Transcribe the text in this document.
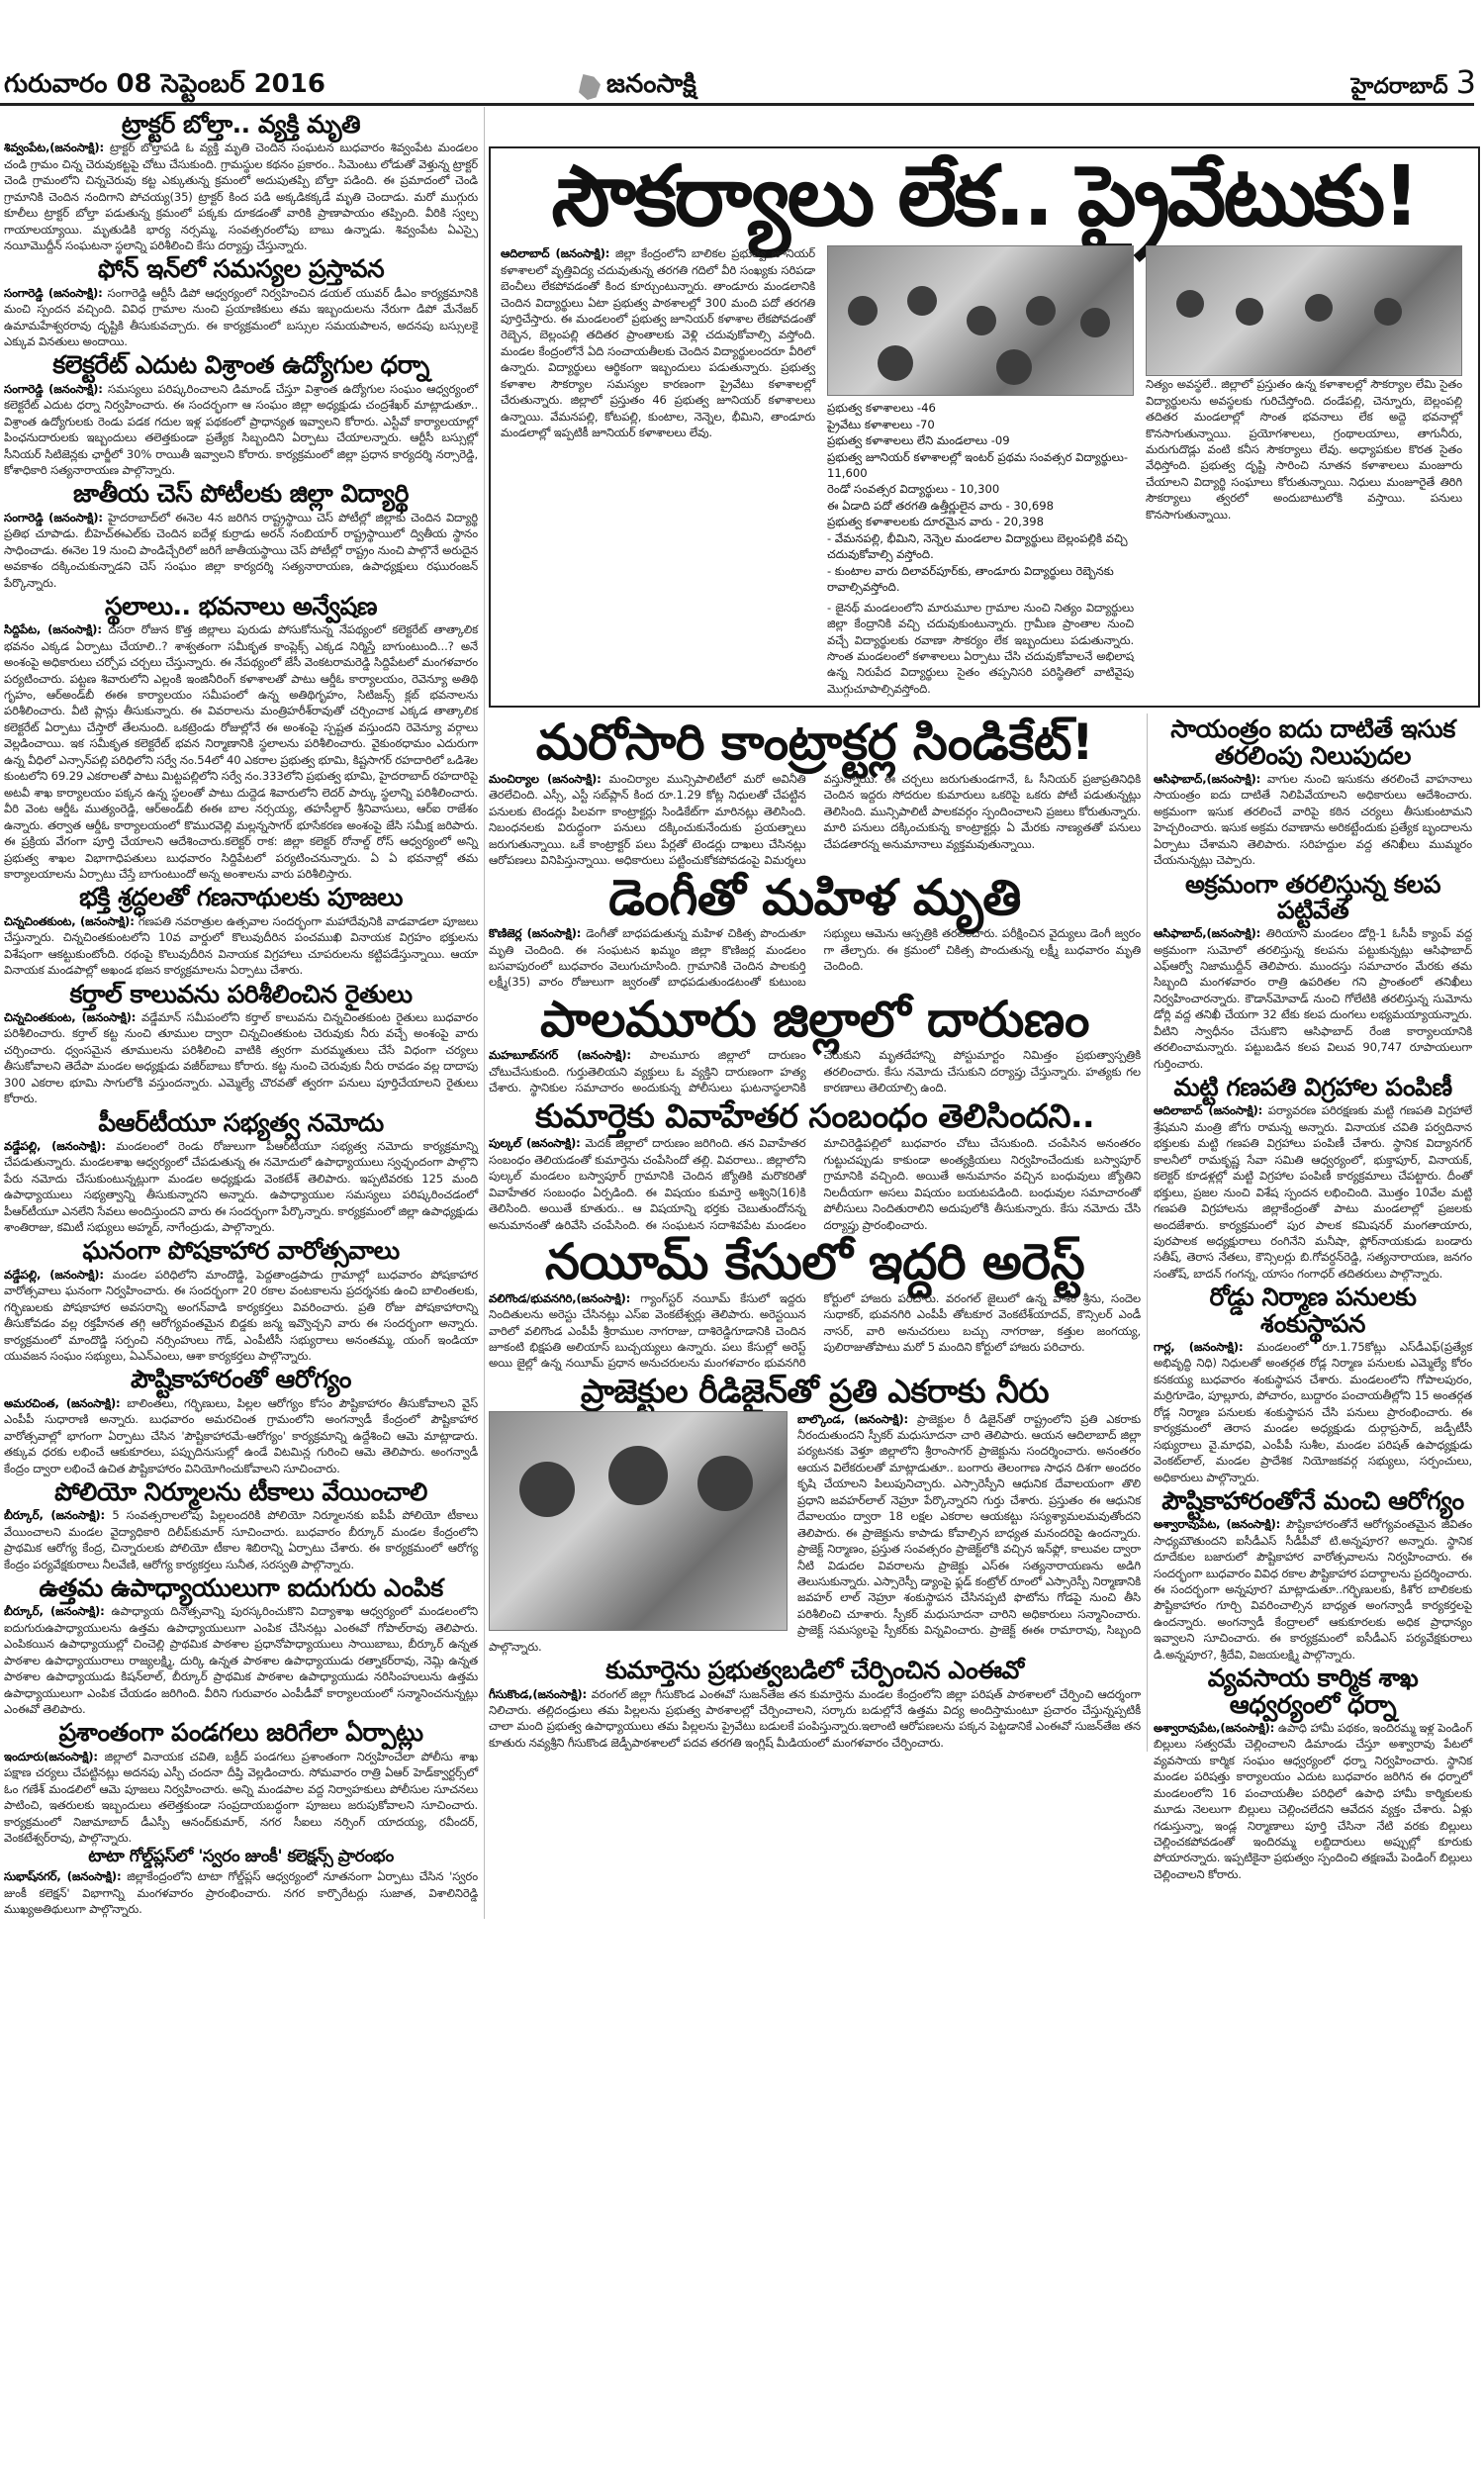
గురువారం 08 సెప్టెంబర్ 2016	జనంసాక్షి	హైదరాబాద్ 3
ట్రాక్టర్ బోల్తా.. వ్యక్తి మృతి

శివ్వంపేట,(జనంసాక్షి): ట్రాక్టర్ బోల్తాపడి ఓ వ్యక్తి మృతి చెందిన సంఘటన బుధవారం శివ్వంపేట మండలం చండి గ్రామం చిన్న చెరువుకట్టపై చోటు చేసుకుంది. గ్రామస్థుల కథనం ప్రకారం.. సిమెంటు లోడుతో వెళ్తున్న ట్రాక్టర్ చెండి గ్రామంలోని చిన్నచెరువు కట్ట ఎక్కుతున్న క్రమంలో అదుపుతప్పి బోల్తా పడింది. ఈ ప్రమాదంలో చెండి గ్రామానికి చెందిన నందిగాని పోచయ్య(35) ట్రాక్టర్ కింద పడి అక్కడికక్కడే మృతి చెందాడు. మరో ముగ్గురు కూలీలు ట్రాక్టర్ బోల్తా పడుతున్న క్రమంలో పక్కకు దూకడంతో వారికి ప్రాణాపాయం తప్పింది. వీరికి స్వల్ప గాయాలయ్యాయి. మృతుడికి భార్య నర్సమ్మ, సంవత్సరంలోపు బాబు ఉన్నాడు. శివ్వంపేట ఏఎస్సై నయీమొద్దీన్ సంఘటనా స్థలాన్ని పరిశీలించి కేసు దర్యాప్తు చేస్తున్నారు.

ఫోన్ ఇన్‌లో సమస్యల ప్రస్తావన

సంగారెడ్డి (జనంసాక్షి): సంగారెడ్డి ఆర్టీసీ డిపో ఆధ్వర్యంలో నిర్వహించిన డయల్ యువర్ డీఎం కార్యక్రమానికి మంచి స్పందన వచ్చింది. వివిధ గ్రామాల నుంచి ప్రయాణికులు తమ ఇబ్బందులను నేరుగా డిపో మేనేజర్ ఉమామహేశ్వరరావు దృష్టికి తీసుకువచ్చారు. ఈ కార్యక్రమంలో బస్సుల సమయపాలన, అదనపు బస్సులకై ఎక్కువ వినతులు అందాయి.

కలెక్టరేట్ ఎదుట విశ్రాంత ఉద్యోగుల ధర్నా

సంగారెడ్డి (జనంసాక్షి): సమస్యలు పరిష్కరించాలని డిమాండ్ చేస్తూ విశ్రాంత ఉద్యోగుల సంఘం ఆధ్వర్యంలో కలెక్టరేట్ ఎదుట ధర్నా నిర్వహించారు. ఈ సందర్భంగా ఆ సంఘం జిల్లా అధ్యక్షుడు చంద్రశేఖర్ మాట్లాడుతూ.. విశ్రాంత ఉద్యోగులకు రెండు పడక గదుల ఇళ్ల పథకంలో ప్రాధాన్యత ఇవ్వాలని కోరారు. ఎస్టీవో కార్యాలయాల్లో పింఛనుదారులకు ఇబ్బందులు తలెత్తకుండా ప్రత్యేక సిబ్బందిని ఏర్పాటు చేయాలన్నారు. ఆర్టీసీ బస్సుల్లో సీనియర్ సిటిజెన్లకు ఛార్జీలో 30% రాయితీ ఇవ్వాలని కోరారు. కార్యక్రమంలో జిల్లా ప్రధాన కార్యదర్శి నర్సారెడ్డి, కోశాధికారి సత్యనారాయణ పాల్గొన్నారు.

జాతీయ చెస్ పోటీలకు జిల్లా విద్యార్థి

సంగారెడ్డి (జనంసాక్షి): హైదరాబాద్‌లో ఈనెల 4న జరిగిన రాష్ట్రస్థాయి చెస్ పోటీల్లో జిల్లాకు చెందిన విద్యార్థి ప్రతిభ చూపాడు. బీహెచ్ఈఎల్‌కు చెందిన ఐదేళ్ల కుర్రాడు అరన్ నంబియార్ రాష్ట్రస్థాయిలో ద్వితీయ స్థానం సాధించాడు. ఈనెల 19 నుంచి పాండిచ్చేరిలో జరిగే జాతీయస్థాయి చెస్ పోటీల్లో రాష్ట్రం నుంచి పాల్గొనే అరుదైన అవకాశం దక్కించుకున్నాడని చెస్ సంఘం జిల్లా కార్యదర్శి సత్యనారాయణ, ఉపాధ్యక్షులు రఘురంజన్ పేర్కొన్నారు.

స్థలాలు.. భవనాలు అన్వేషణ

సిద్దిపేట, (జనంసాక్షి): దసరా రోజున కొత్త జిల్లాలు పురుడు పోసుకోనున్న నేపథ్యంలో కలెక్టరేట్ తాత్కాలిక భవనం ఎక్కడ ఏర్పాటు చేయాలి..? శాశ్వతంగా సమీకృత కాంప్లెక్స్ ఎక్కడ నిర్మిస్తే బాగుంటుంది...? అనే అంశంపై అధికారులు చర్చోప చర్చలు చేస్తున్నారు. ఈ నేపథ్యంలో జేసీ వెంకటరామరెడ్డి సిద్దిపేటలో మంగళవారం పర్యటించారు. పట్టణ శివారులోని ఎల్లంకి ఇంజినీరింగ్ కళాశాలతో పాటు ఆర్డీఓ కార్యాలయం, రెవెన్యూ అతిథి గృహం, ఆర్అండ్‌బీ ఈఈ కార్యాలయం సమీపంలో ఉన్న అతిథిగృహం, సిటిజన్స్ క్లబ్ భవనాలను పరిశీలించారు. వీటి ప్లాన్లు తీసుకున్నారు. ఈ వివరాలను మంత్రిహరీశ్‌రావుతో చర్చించాక ఎక్కడ తాత్కాలిక కలెక్టరేట్ ఏర్పాటు చేస్తారో తేలనుంది. ఒకట్రెండు రోజుల్లోనే ఈ అంశంపై స్పష్టత వస్తుందని రెవెన్యూ వర్గాలు వెల్లడించాయి. ఇక సమీకృత కలెక్టరేట్ భవన నిర్మాణానికి స్థలాలను పరిశీలించారు. వైకుంఠధామం ఎదురుగా ఉన్న వీధిలో ఎన్సాన్‌పల్లి పరిధిలోని సర్వే నం.54లో 40 ఎకరాల ప్రభుత్వ భూమి, కిష్టసాగర్ రహదారిలో ఒడిశెల కుంటలోని 69.29 ఎకరాలతో పాటు మిట్టపల్లిలోని సర్వే నం.333లోని ప్రభుత్వ భూమి, హైదరాబాద్ రహదారిపై అటవీ శాఖ కార్యాలయం పక్కన ఉన్న స్థలంతో పాటు దుద్దెడ శివారులోని లెదర్ పార్కు స్థలాన్ని పరిశీలించారు. వీరి వెంట ఆర్డీఓ ముత్యంరెడ్డి, ఆర్అండ్‌బీ ఈఈ బాల నర్సయ్య, తహసీల్దార్ శ్రీనివాసులు, ఆర్ఐ రాజేశం ఉన్నారు. తర్వాత ఆర్డీఓ కార్యాలయంలో కొమురవెల్లి మల్లన్నసాగర్ భూసేకరణ అంశంపై జేసి సమీక్ష జరిపారు. ఈ ప్రక్రియ వేగంగా పూర్తి చేయాలని ఆదేశించారు.కలెక్టర్ రాక: జిల్లా కలెక్టర్ రోనాల్డ్ రోస్ ఆధ్వర్యంలో అన్ని ప్రభుత్వ శాఖల విభాగాధిపతులు బుధవారం సిద్దిపేటలో పర్యటించనున్నారు. ఏ ఏ భవనాల్లో తమ కార్యాలయాలను ఏర్పాటు చేస్తే బాగుంటుందో అన్న అంశాలను వారు పరిశీలిస్తారు.

భక్తి శ్రద్ధలతో గణనాథులకు పూజలు

చిన్నచింతకుంట, (జనంసాక్షి): గణపతి నవరాత్రుల ఉత్సవాల సందర్భంగా మహాదేవునికి వాడవాడలా పూజలు చేస్తున్నారు. చిన్నచింతకుంటలోని 10వ వార్డులో కొలువుదీరిన పంచముఖి వినాయక విగ్రహం భక్తులను విశేషంగా ఆకట్టుకుంటోంది. రథంపై కొలువుదీరిన వినాయక విగ్రహాలు చూపరులను కట్టిపడేస్తున్నాయి. ఆయా వినాయక మండపాల్లో అఖండ భజన కార్యక్రమాలను ఏర్పాటు చేశారు.

కర్తాల్ కాలువను పరిశీలించిన రైతులు

చిన్నచింతకుంట, (జనంసాక్షి): వడ్డేమాన్ సమీపంలోని కర్తాల్ కాలువను చిన్నచింతకుంట రైతులు బుధవారం పరిశీలించారు. కర్తాల్ కట్ట నుంచి తూముల ద్వారా చిన్నచింతకుంట చెరువుకు నీరు వచ్చే అంశంపై వారు చర్చించారు. ధ్వంసమైన తూములను పరిశీలించి వాటికి త్వరగా మరమ్మతులు చేసే విధంగా చర్యలు తీసుకోవాలని తెదేపా మండల అధ్యక్షుడు వజీర్‌బాబు కోరారు. కట్ట నుంచి చెరువుకు నీరు రావడం వల్ల దాదాపు 300 ఎకరాల భూమి సాగులోకి వస్తుందన్నారు. ఎమ్మెల్యే చొరవతో త్వరగా పనులు పూర్తిచేయాలని రైతులు కోరారు.

పీఆర్‌టీయూ సభ్యత్వ నమోదు

వడ్డేపల్లి, (జనంసాక్షి): మండలంలో రెండు రోజులుగా పీఆర్‌టీయూ సభ్యత్వ నమోదు కార్యక్రమాన్ని చేపడుతున్నారు. మండలశాఖ ఆధ్వర్యంలో చేపడుతున్న ఈ నమోదులో ఉపాధ్యాయులు స్వఛ్ఛందంగా పాల్గొని పేరు నమోదు చేసుకుంటున్నట్లుగా మండల అధ్యక్షుడు వెంకటేశ్ తెలిపారు. ఇప్పటివరకు 125 మంది ఉపాధ్యాయులు సభ్యత్వాన్ని తీసుకున్నారని అన్నారు. ఉపాధ్యాయుల సమస్యలు పరిష్కరించడంలో పీఆర్‌టీయూ ఎనలేని సేవలు అందిస్తుందని వారు ఈ సందర్భంగా పేర్కొన్నారు. కార్యక్రమంలో జిల్లా ఉపాధ్యక్షుడు శాంతిరాజు, కమిటీ సభ్యులు అహ్మద్, నాగేంద్రుడు, పాల్గొన్నారు.

ఘనంగా పోషకాహార వారోత్సవాలు

వడ్డేపల్లి, (జనంసాక్షి): మండల పరిధిలోని మాందొడ్డి, పెద్దతాండ్రపాడు గ్రామాల్లో బుధవారం పోషకాహార వారోత్సవాలు ఘనంగా నిర్వహించారు. ఈ సందర్భంగా 20 రకాల వంటకాలను ప్రదర్శనకు ఉంచి బాలింతలకు, గర్భిణులకు పోషకాహార అవసరాన్ని అంగన్‌వాడి కార్యకర్తలు వివరించారు. ప్రతి రోజు పోషకాహారాన్ని తీసుకోవడం వల్ల రక్తహీనత తగ్గి ఆరోగ్యవంతమైన బిడ్డకు జన్మ ఇవ్వొచ్చని వారు ఈ సందర్భంగా అన్నారు. కార్యక్రమంలో మాందొడ్డి సర్పంచి నర్సింహులు గౌడ్, ఎంపీటీసీ సభ్యురాలు అనంతమ్మ, యంగ్ ఇండియా యువజన సంఘం సభ్యులు, ఏఎన్ఎంలు, ఆశా కార్యకర్తలు పాల్గొన్నారు.

పౌష్టికాహారంతో ఆరోగ్యం

అమరచింత, (జనంసాక్షి): బాలింతలు, గర్భిణులు, పిల్లల ఆరోగ్యం కోసం పౌష్టికాహారం తీసుకోవాలని వైస్ ఎంపీపీ సుధారాణి అన్నారు. బుధవారం అమరచింత గ్రామంలోని అంగన్వాడీ కేంద్రంలో పౌష్టికాహార వారోత్సవాల్లో భాగంగా ఏర్పాటు చేసిన 'పౌష్టికాహారమే-ఆరోగ్యం' కార్యక్రమాన్ని ఉద్దేశించి ఆమె మాట్లాడారు. తక్కువ ధరకు లభించే ఆకుకూరలు, పప్పుదినుసుల్లో ఉండే విటమిన్ల గురించి ఆమె తెలిపారు. అంగన్వాడీ కేంద్రం ద్వారా లభించే ఉచిత పౌష్టికాహారం వినియోగించుకోవాలని సూచించారు.

పోలియో నిర్మూలను టీకాలు వేయించాలి

బీర్కూర్, (జనంసాక్షి): 5 సంవత్సరాలలోపు పిల్లలందరికి పోలియో నిర్మూలనకు ఐపీపీ పోలియో టీకాలు వేయించాలని మండల వైద్యాధికారి దిలీప్‌కుమార్ సూచించారు. బుధవారం బీర్కూర్ మండల కేంద్రంలోని ప్రాథమిక ఆరోగ్య కేంద్ర, చిన్నారులకు పోలియో టీకాల శిబిరాన్ని ఏర్పాటు చేశారు. ఈ కార్యక్రమంలో ఆరోగ్య కేంద్రం పర్యవేక్షకురాలు నీలవేణి, ఆరోగ్య కార్యకర్తలు సునీత, సరస్వతి పాల్గొన్నారు.

ఉత్తమ ఉపాధ్యాయులుగా ఐదుగురు ఎంపిక

బీర్కూర్, (జనంసాక్షి): ఉపాధ్యాయ దినోత్సవాన్ని పురస్కరించుకొని విద్యాశాఖ ఆధ్వర్యంలో మండలంలోని ఐదుగురుఉపాధ్యాయులను ఉత్తమ ఉపాధ్యాయులుగా ఎంపిక చేసినట్లు ఎంఈవో గోపాల్‌రావు తెలిపారు. ఎంపికయిన ఉపాధ్యాయుల్లో చించెల్లి ప్రాథమిక పాఠశాల ప్రధానోపాధ్యాయులు సాయిబాబు, బీర్కూర్ ఉన్నత పాఠశాల ఉపాధ్యాయురాలు రాజ్యలక్ష్మి, దుర్కి ఉన్నత పాఠశాల ఉపాధ్యాయుడు రత్నాకర్‌రావు, నెమ్లి ఉన్నత పాఠశాల ఉపాధ్యాయుడు కిషన్‌లాల్, బీర్కూర్ ప్రాథమిక పాఠశాల ఉపాధ్యాయుడు నరిసింహులును ఉత్తమ ఉపాధ్యాయులుగా ఎంపిక చేయడం జరిగింది. వీరిని గురువారం ఎంపీడీవో కార్యాలయంలో సన్మానించనున్నట్లు ఎంఈవో తెలిపారు.

ప్రశాంతంగా పండగలు జరిగేలా ఏర్పాట్లు

ఇందూరు(జనంసాక్షి): జిల్లాలో వినాయక చవితి, బక్రీద్ పండగలు ప్రశాంతంగా నిర్వహించేలా పోలీసు శాఖ పక్షాణ చర్యలు చేపట్టినట్లు అదనపు ఎస్పీ చందనా దీప్తి వెల్లడించారు. సోమవారం రాత్రి ఏఆర్ హెడ్‌క్వార్టర్స్‌లో ఓం గణేశ్ మండలిలో ఆమె పూజలు నిర్వహించారు. అన్ని మండపాల వద్ద నిర్వాహకులు పోలీసుల సూచనలు పాటించి, ఇతరులకు ఇబ్బందులు తలెత్తకుండా సంప్రదాయబద్ధంగా పూజలు జరుపుకోవాలని సూచించారు. కార్యక్రమంలో నిజామాబాద్ డీఎస్పీ ఆనంద్‌కుమార్, నగర సీఐలు నర్సింగ్ యాదయ్య, రవీందర్, వెంకటేశ్వర్‌రావు, పాల్గొన్నారు.

టాటా గోల్డ్‌ప్లస్‌లో 'స్వరం జుంకీ' కలెక్షన్స్ ప్రారంభం

సుభాష్‌నగర్, (జనంసాక్షి): జిల్లాకేంద్రంలోని టాటా గోల్డ్‌ప్లస్ ఆధ్వర్యంలో నూతనంగా ఏర్పాటు చేసిన 'స్వరం జుంకీ కలెక్షన్' విభాగాన్ని మంగళవారం ప్రారంభించారు. నగర కార్పొరేటర్లు సుజాత, విశాలినిరెడ్డి ముఖ్యఅతిథులుగా పాల్గొన్నారు.

సౌకర్యాలు లేక.. ప్రైవేటుకు!

ఆదిలాబాద్ (జనంసాక్షి): జిల్లా కేంద్రంలోని బాలికల ప్రభుత్వ జూనియర్ కళాశాలలో వృత్తివిద్య చదువుతున్న తరగతి గదిలో వీరి సంఖ్యకు సరిపడా బెంచీలు లేకపోవడంతో కింద కూర్చుంటున్నారు. తాండూరు మండలానికి చెందిన విద్యార్థులు ఏటా ప్రభుత్వ పాఠశాలల్లో 300 మంది పదో తరగతి పూర్తిచేస్తారు. ఈ మండలంలో ప్రభుత్వ జూనియర్ కళాశాల లేకపోవడంతో రెబ్బెన, బెల్లంపల్లి తదితర ప్రాంతాలకు వెళ్లి చదువుకోవాల్సి వస్తోంది. మండల కేంద్రంలోనే ఏది సంచాయతీలకు చెందిన విద్యార్థులందరూ వీరిలో ఉన్నారు. విద్యార్థులు ఆర్థికంగా ఇబ్బందులు పడుతున్నారు. ప్రభుత్వ కళాశాల సౌకర్యాల సమస్యల కారణంగా ప్రైవేటు కళాశాలల్లో చేరుతున్నారు. జిల్లాలో ప్రస్తుతం 46 ప్రభుత్వ జూనియర్ కళాశాలలు ఉన్నాయి. వేమనపల్లి, కోటపల్లి, కుంటాల, నెన్నెల, భీమిని, తాండూరు మండలాల్లో ఇప్పటికీ జూనియర్ కళాశాలలు లేవు.

ప్రభుత్వ కళాశాలలు -46
ప్రైవేటు కళాశాలలు -70
ప్రభుత్వ కళాశాలలు లేని మండలాలు -09
ప్రభుత్వ జూనియర్ కళాశాలల్లో ఇంటర్ ప్రథమ సంవత్సర విద్యార్థులు- 11,600
రెండో సంవత్సర విద్యార్థులు - 10,300
ఈ ఏడాది పదో తరగతి ఉత్తీర్ణులైన వారు - 30,698
ప్రభుత్వ కళాశాలలకు దూరమైన వారు - 20,398
- వేమనపల్లి, భీమిని, నెన్నెల మండలాల విద్యార్థులు బెల్లంపల్లికి వచ్చి చదువుకోవాల్సి వస్తోంది.
- కుంటాల వారు దిలావర్‌పూర్‌కు, తాండూరు విద్యార్థులు రెబ్బెనకు రావాల్సివస్తోంది.

- జైనథ్ మండలంలోని మారుమూల గ్రామాల నుంచి నిత్యం విద్యార్థులు జిల్లా కేంద్రానికి వచ్చి చదువుకుంటున్నారు. గ్రామీణ ప్రాంతాల నుంచి వచ్చే విద్యార్థులకు రవాణా సౌకర్యం లేక ఇబ్బందులు పడుతున్నారు. సొంత మండలంలో కళాశాలలు ఏర్పాటు చేసి చదువుకోవాలనే అభిలాష ఉన్న నిరుపేద విద్యార్థులు సైతం తప్పనిసరి పరిస్థితిలో వాటివైపు మొగ్గుచూపాల్సివస్తోంది.

నిత్యం అవస్థలే.. జిల్లాలో ప్రస్తుతం ఉన్న కళాశాలల్లో సౌకర్యాల లేమి సైతం విద్యార్థులను అవస్థలకు గురిచేస్తోంది. దండేపల్లి, చెన్నూరు, బెల్లంపల్లి తదితర మండలాల్లో సొంత భవనాలు లేక అద్దె భవనాల్లో కొనసాగుతున్నాయి. ప్రయోగశాలలు, గ్రంథాలయాలు, తాగునీరు, మరుగుదొడ్లు వంటి కనీస సౌకర్యాలు లేవు. అధ్యాపకుల కొరత సైతం వేధిస్తోంది. ప్రభుత్వ దృష్టి సారించి నూతన కళాశాలలు మంజూరు చేయాలని విద్యార్థి సంఘాలు కోరుతున్నాయి. నిధులు మంజూరైతే తిరిగి సౌకర్యాలు త్వరలో అందుబాటులోకి వస్తాయి. పనులు కొనసాగుతున్నాయి.

మరోసారి కాంట్రాక్టర్ల సిండికేట్!

మంచిర్యాల (జనంసాక్షి): మంచిర్యాల మున్సిపాలిటీలో మరో అవినీతి తెరలేచింది. ఎస్సీ, ఎస్టీ సబ్‌ప్లాన్ కింద రూ.1.29 కోట్ల నిధులతో చేపట్టిన పనులకు టెండర్లు పిలవగా కాంట్రాక్టర్లు సిండికేట్‌గా మారినట్లు తెలిసింది. నిబంధనలకు విరుద్ధంగా పనులు దక్కించుకునేందుకు ప్రయత్నాలు జరుగుతున్నాయి. ఒకే కాంట్రాక్టర్ పలు పేర్లతో టెండర్లు దాఖలు చేసినట్లు ఆరోపణలు వినిపిస్తున్నాయి. అధికారులు పట్టించుకోకపోవడంపై విమర్శలు వస్తున్నాయి. ఈ చర్చలు జరుగుతుండగానే, ఓ సీనియర్ ప్రజాప్రతినిధికి చెందిన ఇద్దరు సోదరుల కుమారులు ఒకరిపై ఒకరు పోటీ పడుతున్నట్లు తెలిసింది. మున్సిపాలిటీ పాలకవర్గం స్పందించాలని ప్రజలు కోరుతున్నారు. మారి పనులు దక్కించుకున్న కాంట్రాక్టర్లు ఏ మేరకు నాణ్యతతో పనులు చేపడతారన్న అనుమానాలు వ్యక్తమవుతున్నాయి.

డెంగీతో మహిళ మృతి

కొణిజెర్ల (జనంసాక్షి): డెంగీతో బాధపడుతున్న మహిళ చికిత్స పొందుతూ మృతి చెందింది. ఈ సంఘటన ఖమ్మం జిల్లా కొణిజర్ల మండలం బసవాపురంలో బుధవారం వెలుగుచూసింది. గ్రామానికి చెందిన పాలకుర్తి లక్ష్మీ(35) వారం రోజులుగా జ్వరంతో బాధపడుతుండటంతో కుటుంబ సభ్యులు ఆమెను ఆస్పత్రికి తరలించారు. పరీక్షించిన వైద్యులు డెంగీ జ్వరం గా తేల్చారు. ఈ క్రమంలో చికిత్స పొందుతున్న లక్ష్మీ బుధవారం మృతి చెందింది.

పాలమూరు జిల్లాలో దారుణం

మహబూబ్‌నగర్ (జనంసాక్షి): పాలమూరు జిల్లాలో దారుణం చోటుచేసుకుంది. గుర్తుతెలియని వ్యక్తులు ఓ వ్యక్తిని దారుణంగా హత్య చేశారు. స్థానికుల సమాచారం అందుకున్న పోలీసులు ఘటనాస్థలానికి చేరుకుని మృతదేహాన్ని పోస్టుమార్టం నిమిత్తం ప్రభుత్వాస్పత్రికి తరలించారు. కేసు నమోదు చేసుకుని దర్యాప్తు చేస్తున్నారు. హత్యకు గల కారణాలు తెలియాల్సి ఉంది.

కుమార్తెకు వివాహేతర సంబంధం తెలిసిందని..

పుల్కల్ (జనంసాక్షి): మెదక్ జిల్లాలో దారుణం జరిగింది. తన వివాహేతర సంబంధం తెలియడంతో కుమార్తెను చంపేసిందో తల్లి. వివరాలు.. జిల్లాలోని పుల్కల్ మండలం బస్వాపూర్ గ్రామానికి చెందిన జ్యోతికి మరొకరితో వివాహేతర సంబంధం ఏర్పడింది. ఈ విషయం కుమార్తె అశ్విని(16)కి తెలిసింది. అయితే కూతురు.. ఆ విషయాన్ని భర్తకు చెబుతుందోనన్న అనుమానంతో ఉరివేసి చంపేసింది. ఈ సంఘటన సదాశివపేట మండలం మాచిరెడ్డిపల్లిలో బుధవారం చోటు చేసుకుంది. చంపేసిన అనంతరం గుట్టుచప్పుడు కాకుండా అంత్యక్రియలు నిర్వహించేందుకు బస్వాపూర్ గ్రామానికి వచ్చింది. అయితే అనుమానం వచ్చిన బంధువులు జ్యోతిని నిలదీయగా అసలు విషయం బయటపడింది. బంధువుల సమాచారంతో పోలీసులు నిందితురాలిని అదుపులోకి తీసుకున్నారు. కేసు నమోదు చేసి దర్యాప్తు ప్రారంభించారు.

నయీమ్ కేసులో ఇద్దరి అరెస్ట్

వలిగొండ/భువనగిరి,(జనంసాక్షి): గ్యాంగ్‌స్టర్ నయీమ్ కేసులో ఇద్దరు నిందితులను అరెస్టు చేసినట్లు ఎస్ఐ వెంకటేశ్వర్లు తెలిపారు. అరెస్టయిన వారిలో వలిగొండ ఎంపీపీ శ్రీరాముల నాగరాజు, దాశిరెడ్డిగూడానికి చెందిన జూకంటి భిక్షపతి అలియాస్ బుచ్చయ్యలు ఉన్నారు. పలు కేసుల్లో అరెస్ట్ అయి జైల్లో ఉన్న నయీమ్ ప్రధాన అనుచరులను మంగళవారం భువనగిరి కోర్టులో హాజరు పరిచారు. వరంగల్ జైలులో ఉన్న పాశం శ్రీను, సందెల సుధాకర్, భువనగిరి ఎంపీపీ తోటకూర వెంకటేశ్‌యాదవ్, కౌన్సిలర్ ఎండీ నాసర్, వారి అనుచరులు బచ్చు నాగరాజు, కత్తుల జంగయ్య, పులిరాజుతోపాటు మరో 5 మందిని కోర్టులో హాజరు పరిచారు.

ప్రాజెక్టుల రీడిజైన్‌తో ప్రతి ఎకరాకు నీరు

బాల్కొండ, (జనంసాక్షి): ప్రాజెక్టుల రీ డిజైన్‌తో రాష్ట్రంలోని ప్రతి ఎకరాకు నీరందుతుందని స్పీకర్ మధుసూదనా చారి తెలిపారు. ఆయన ఆదిలాబాద్ జిల్లా పర్యటనకు వెళ్తూ జిల్లాలోని శ్రీరాంసాగర్ ప్రాజెక్టును సందర్శించారు. అనంతరం ఆయన విలేకరులతో మాట్లాడుతూ.. బంగారు తెలంగాణ సాధన దిశగా అందరం కృషి చేయాలని పిలుపునిచ్చారు. ఎస్సారెస్పీని ఆధునిక దేవాలయంగా తొలి ప్రధాని జవహర్‌లాల్ నెహ్రూ పేర్కొన్నారని గుర్తు చేశారు. ప్రస్తుతం ఈ ఆధునిక దేవాలయం ద్వారా 18 లక్షల ఎకరాల ఆయకట్టు సస్యశ్యామలమవుతోందని తెలిపారు. ఈ ప్రాజెక్టును కాపాడు కోవాల్సిన బాధ్యత మనందరిపై ఉందన్నారు. ప్రాజెక్ట్ నిర్మాణం, ప్రస్తుత సంవత్సరం ప్రాజెక్ట్‌లోకి వచ్చిన ఇన్‌ఫ్లో, కాలువల ద్వారా నీటి విడుదల వివరాలను ప్రాజెక్టు ఎస్ఈ సత్యనారాయణను అడిగి తెలుసుకున్నారు. ఎస్సారెస్పీ డ్యాంపై ఫ్లడ్ కంట్రోల్ రూంలో ఎస్సారెస్పీ నిర్మాణానికి జవహర్ లాల్ నెహ్రూ శంకుస్థాపన చేసినప్పటి ఫొటోను గోడపై నుంచి తీసి పరిశీలించి చూశారు. స్పీకర్ మధుసూదనా చారిని అధికారులు సన్మానించారు. ప్రాజెక్ట్ సమస్యలపై స్పీకర్‌కు విన్నవించారు. ప్రాజెక్ట్ ఈఈ రామారావు, సిబ్బంది పాల్గొన్నారు.

కుమార్తెను ప్రభుత్వబడిలో చేర్పించిన ఎంఈవో

గీసుకొండ,(జనంసాక్షి): వరంగల్ జిల్లా గీసుకొండ ఎంఈవో సుజన్‌తేజ తన కుమార్తెను మండల కేంద్రంలోని జిల్లా పరిషత్ పాఠశాలలో చేర్పించి ఆదర్శంగా నిలిచారు. తల్లిదండ్రులు తమ పిల్లలను ప్రభుత్వ పాఠశాలల్లో చేర్పించాలని, సర్కారు బడుల్లోనే ఉత్తమ విద్య అందిస్తామంటూ ప్రచారం చేస్తున్నప్పటికీ చాలా మంది ప్రభుత్వ ఉపాధ్యాయులు తమ పిల్లలను ప్రైవేటు బడులకే పంపిస్తున్నారు.ఇలాంటి ఆరోపణలను పక్కన పెట్టడానికే ఎంఈవో సుజన్‌తేజ తన కూతురు నవ్యశ్రీని గీసుకొండ జెడ్పీపాఠశాలలో పదవ తరగతి ఇంగ్లిష్ మీడియంలో మంగళవారం చేర్పించారు.

సాయంత్రం ఐదు దాటితే ఇసుక తరలింపు నిలుపుదల

ఆసిఫాబాద్,(జనంసాక్షి): వాగుల నుంచి ఇసుకను తరలించే వాహనాలు సాయంత్రం ఐదు దాటితే నిలిపివేయాలని అధికారులు ఆదేశించారు. అక్రమంగా ఇసుక తరలించే వారిపై కఠిన చర్యలు తీసుకుంటామని హెచ్చరించారు. ఇసుక అక్రమ రవాణాను అరికట్టేందుకు ప్రత్యేక బృందాలను ఏర్పాటు చేశామని తెలిపారు. సరిహద్దుల వద్ద తనిఖీలు ముమ్మరం చేయనున్నట్లు చెప్పారు.

అక్రమంగా తరలిస్తున్న కలప పట్టివేత

ఆసిఫాబాద్,(జనంసాక్షి): తిరియాని మండలం డోర్లి-1 ఓసీపీ క్యాంప్ వద్ద అక్రమంగా సుమోలో తరలిస్తున్న కలపను పట్టుకున్నట్లు ఆసిఫాబాద్ ఎఫ్ఆర్వో నిజాముద్దీన్ తెలిపారు. ముందస్తు సమాచారం మేరకు తమ సిబ్బంది మంగళవారం రాత్రి ఉపరితల గని ప్రాంతంలో తనిఖీలు నిర్వహించారన్నారు. కౌడాన్‌మోవాడ్ నుంచి గోలేటికి తరలిస్తున్న సుమోను డోర్లి వద్ద తనిఖీ చేయగా 32 టేకు కలప దుంగలు లభ్యమయ్యాయన్నారు. వీటిని స్వాధీనం చేసుకొని ఆసిఫాబాద్ రేంజి కార్యాలయానికి తరలించామన్నారు. పట్టుబడిన కలప విలువ 90,747 రూపాయలుగా గుర్తించారు.

మట్టి గణపతి విగ్రహాల పంపిణీ

ఆదిలాబాద్ (జనంసాక్షి): పర్యావరణ పరిరక్షణకు మట్టి గణపతి విగ్రహాలే శ్రేషమని మంత్రి జోగు రామన్న అన్నారు. వినాయక చవితి పర్వదినాన భక్తులకు మట్టి గణపతి విగ్రహాలు పంపిణీ చేశారు. స్థానిక విద్యానగర్ కాలనీలో రామకృష్ణ సేవా సమితి ఆధ్వర్యంలో, భుక్తాపూర్, వినాయక్, కలెక్టర్ కూడళ్లల్లో మట్టి విగ్రహాల పంపిణీ కార్యక్రమాలు చేపట్టారు. దీంతో భక్తులు, ప్రజల నుంచి విశేష స్పందన లభించింది. మొత్తం 10వేల మట్టి గణపతి విగ్రహాలను జిల్లాకేంద్రంతో పాటు మండలాల్లో ప్రజలకు అందజేశారు. కార్యక్రమంలో పుర పాలక కమిషనర్ మంగతాయారు, పురపాలక అధ్యక్షురాలు రంగినేని మనీషా, ఫ్లోర్‌నాయకుడు బండారు సతీష్, తెరాస నేతలు, కౌన్సిలర్లు బి.గోవర్ధన్‌రెడ్డి, సత్యనారాయణ, జనగం సంతోష్, బాదన్ గంగన్న, యాసం గంగాధర్ తదితరులు పాల్గొన్నారు.

రోడ్డు నిర్మాణ పనులకు శంకుస్థాపన

గార్ల, (జనంసాక్షి): మండలంలో రూ.1.75కోట్లు ఎస్‌డీఎఫ్(ప్రత్యేక అభివృద్ధి నిధి) నిధులతో అంతర్గత రోడ్ల నిర్మాణ పనులకు ఎమ్మెల్యే కోరం కనకయ్య బుధవారం శంకుస్థాపన చేశారు. మండలంలోని గోపాలపురం, మర్రిగూడెం, పూల్లూరు, పోచారం, బుద్దారం పంచాయతీల్లోని 15 అంతర్గత రోడ్ల నిర్మాణ పనులకు శంకుస్థాపన చేసి పనులు ప్రారంభించారు. ఈ కార్యక్రమంలో తెరాస మండల అధ్యక్షుడు దుర్గాప్రసాద్, జడ్పీటీసీ సభ్యురాలు వై.మాధవి, ఎంపీపీ సుశీల, మండల పరిషత్ ఉపాధ్యక్షుడు వెంకట్‌లాల్, మండల ప్రాదేశిక నియోజకవర్గ సభ్యులు, సర్పంచులు, అధికారులు పాల్గొన్నారు.

పౌష్టికాహారంతోనే మంచి ఆరోగ్యం

అశ్వారావుపేట, (జనంసాక్షి): పౌష్టికాహారంతోనే ఆరోగ్యవంతమైన జీవితం సాధ్యమౌతుందని ఐసీడీఎస్ సీడీపీవో టి.అన్నపూర? అన్నారు. స్థానిక దూదేకుల బజారులో పౌష్టికాహార వారోత్సవాలను నిర్వహించారు. ఈ సందర్భంగా బుధవారం వివిధ రకాల పౌష్టికాహార పదార్థాలను ప్రదర్శించారు. ఈ సందర్భంగా అన్నపూర? మాట్లాడుతూ..గర్భిణులకు, కిశోర బాలికలకు పౌష్టికాహారం గూర్చి వివరించాల్సిన బాధ్యత అంగన్వాడీ కార్యకర్తలపై ఉందన్నారు. అంగన్వాడీ కేంద్రాలలో ఆకుకూరలకు అధిక ప్రాధాన్యం ఇవ్వాలని సూచించారు. ఈ కార్యక్రమంలో ఐసీడీఎస్ పర్యవేక్షకురాలు డి.అన్నపూర?, శ్రీదేవి, విజయలక్ష్మి పాల్గొన్నారు.

వ్యవసాయ కార్మిక శాఖ ఆధ్వర్యంలో ధర్నా

అశ్వారావుపేట,(జనంసాక్షి): ఉపాధి హామీ పథకం, ఇందిరమ్మ ఇళ్ల పెండింగ్ బిల్లులు సత్వరమే చెల్లించాలని డిమాండు చేస్తూ అశ్వారావు పేటలో వ్యవసాయ కార్మిక సంఘం ఆధ్వర్యంలో ధర్నా నిర్వహించారు. స్థానిక మండల పరిషత్తు కార్యాలయం ఎదుట బుధవారం జరిగిన ఈ ధర్నాలో మండలంలోని 16 పంచాయతీల పరిధిలో ఉపాధి హామీ కార్మికులకు మూడు నెలలుగా బిల్లులు చెల్లించలేదని ఆవేదన వ్యక్తం చేశారు. ఏళ్లు గడుస్తున్నా, ఇండ్ల నిర్మాణాలు పూర్తి చేసినా నేటి వరకు బిల్లులు చెల్లించకపోవడంతో ఇందిరమ్మ లబ్దిదారులు అప్పుల్లో కూరుకు పోయారన్నారు. ఇప్పటికైనా ప్రభుత్వం స్పందించి తక్షణమే పెండింగ్ బిల్లులు చెల్లించాలని కోరారు.
